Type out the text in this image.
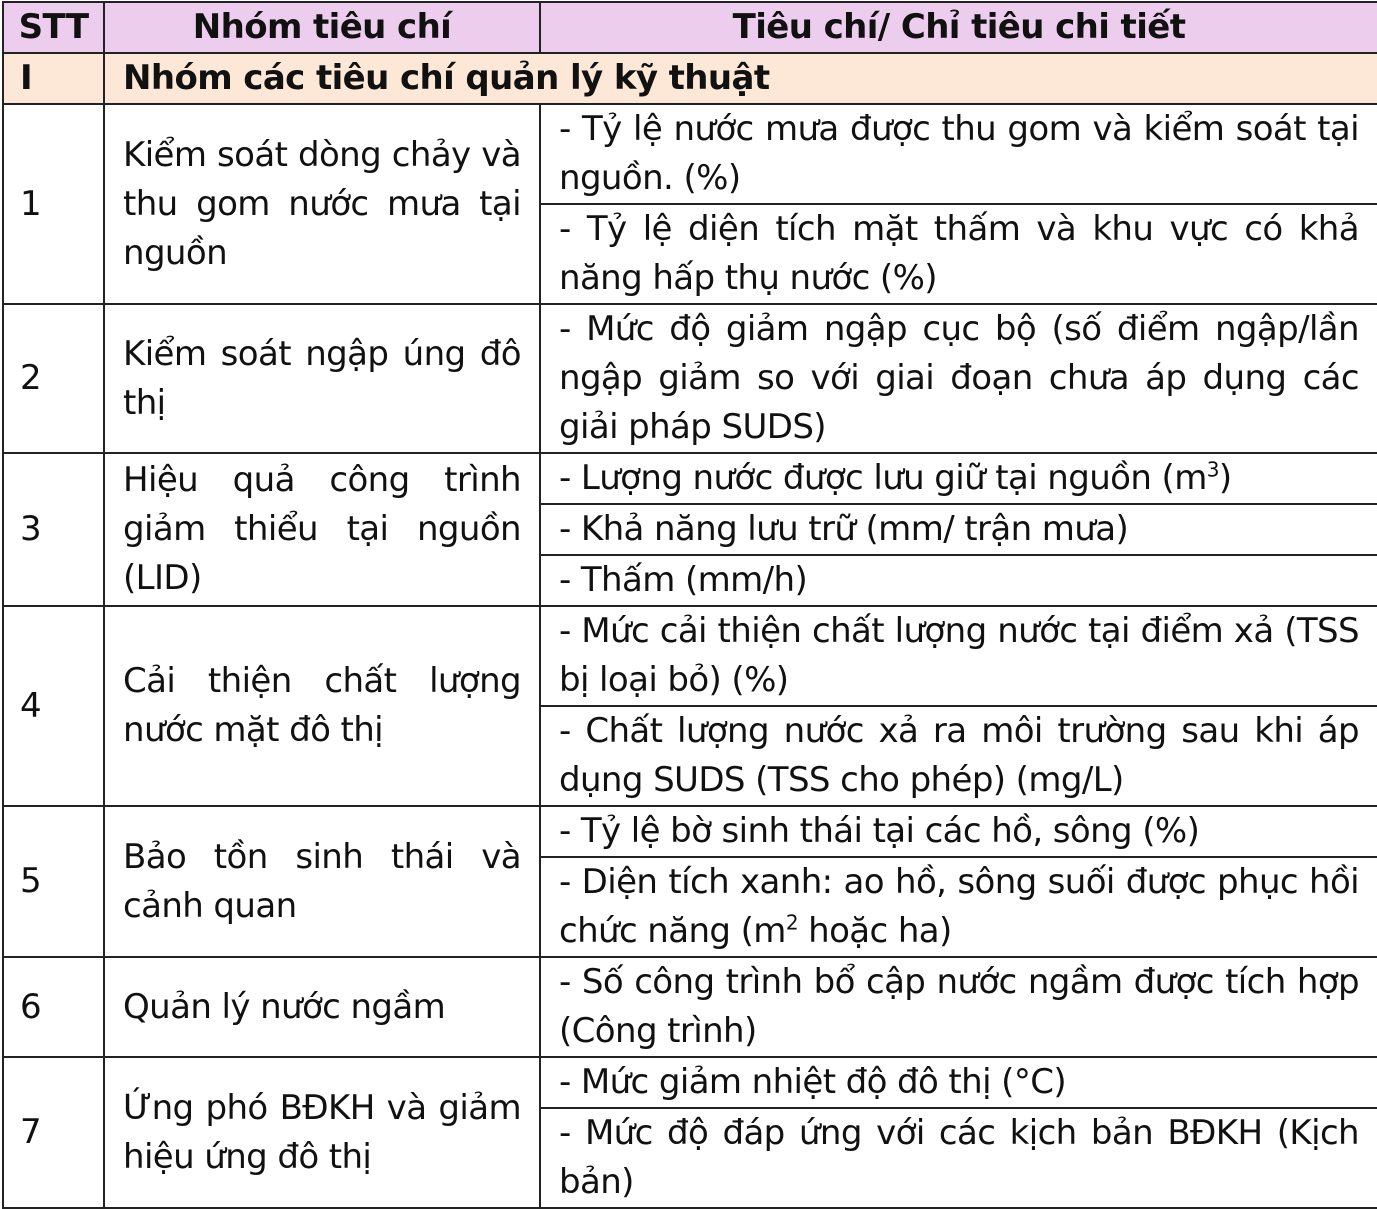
STT	Nhóm tiêu chí	Tiêu chí/ Chỉ tiêu chi tiết
I	Nhóm các tiêu chí quản lý kỹ thuật	
1	Kiểm soát dòng chảy và thu gom nước mưa tại nguồn	- Tỷ lệ nước mưa được thu gom và kiểm soát tại nguồn. (%)
		- Tỷ lệ diện tích mặt thấm và khu vực có khả năng hấp thụ nước (%)
2	Kiểm soát ngập úng đô thị	- Mức độ giảm ngập cục bộ (số điểm ngập/lần ngập giảm so với giai đoạn chưa áp dụng các giải pháp SUDS)
3	Hiệu quả công trình giảm thiểu tại nguồn (LID)	- Lượng nước được lưu giữ tại nguồn $(m^3)$
		- Khả năng lưu trữ (mm/ trận mưa)
		- Thấm (mm/h)
4	Cải thiện chất lượng nước mặt đô thị	- Mức cải thiện chất lượng nước tại điểm xả (TSS bị loại bỏ) (%)
		- Chất lượng nước xả ra môi trường sau khi áp dụng SUDS (TSS cho phép) (mg/L)
5	Bảo tồn sinh thái và cảnh quan	- Tỷ lệ bờ sinh thái tại các hồ, sông (%)
		- Diện tích xanh: ao hồ, sông suối được phục hồi chức năng ($m^2$ hoặc ha)
6	Quản lý nước ngầm	- Số công trình bổ cập nước ngầm được tích hợp (Công trình)
7	Ứng phó BĐKH và giảm hiệu ứng đô thị	- Mức giảm nhiệt độ đô thị (°C)
		- Mức độ đáp ứng với các kịch bản BĐKH (Kịch bản)
